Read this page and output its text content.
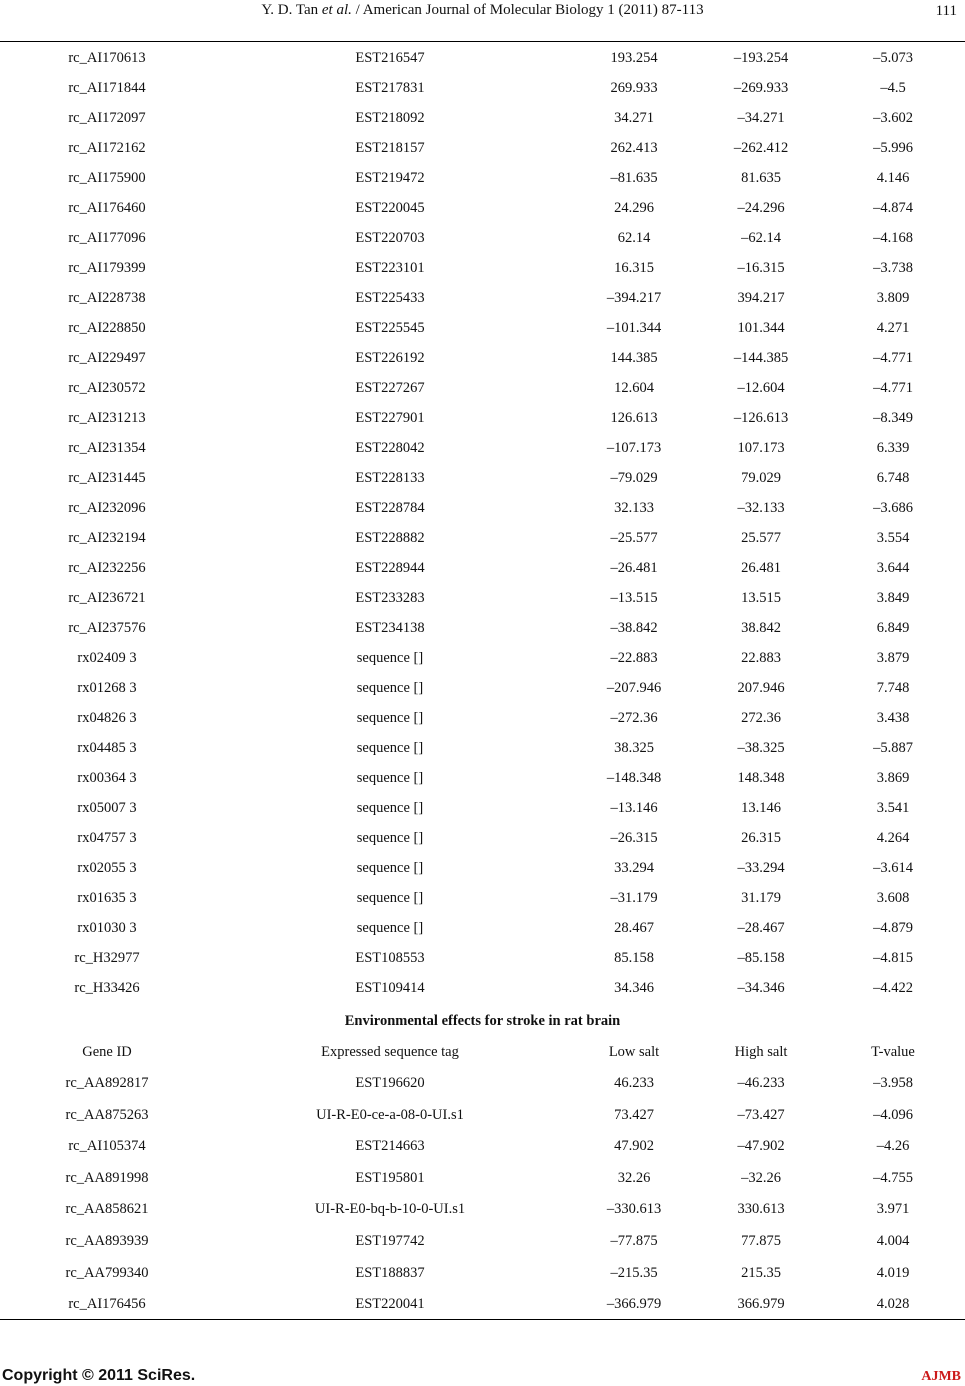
Y. D. Tan et al. / American Journal of Molecular Biology 1 (2011) 87-113	111
rc_AI170613	EST216547	193.254	–193.254	–5.073
rc_AI171844	EST217831	269.933	–269.933	–4.5
rc_AI172097	EST218092	34.271	–34.271	–3.602
rc_AI172162	EST218157	262.413	–262.412	–5.996
rc_AI175900	EST219472	–81.635	81.635	4.146
rc_AI176460	EST220045	24.296	–24.296	–4.874
rc_AI177096	EST220703	62.14	–62.14	–4.168
rc_AI179399	EST223101	16.315	–16.315	–3.738
rc_AI228738	EST225433	–394.217	394.217	3.809
rc_AI228850	EST225545	–101.344	101.344	4.271
rc_AI229497	EST226192	144.385	–144.385	–4.771
rc_AI230572	EST227267	12.604	–12.604	–4.771
rc_AI231213	EST227901	126.613	–126.613	–8.349
rc_AI231354	EST228042	–107.173	107.173	6.339
rc_AI231445	EST228133	–79.029	79.029	6.748
rc_AI232096	EST228784	32.133	–32.133	–3.686
rc_AI232194	EST228882	–25.577	25.577	3.554
rc_AI232256	EST228944	–26.481	26.481	3.644
rc_AI236721	EST233283	–13.515	13.515	3.849
rc_AI237576	EST234138	–38.842	38.842	6.849
rx02409 3	sequence []	–22.883	22.883	3.879
rx01268 3	sequence []	–207.946	207.946	7.748
rx04826 3	sequence []	–272.36	272.36	3.438
rx04485 3	sequence []	38.325	–38.325	–5.887
rx00364 3	sequence []	–148.348	148.348	3.869
rx05007 3	sequence []	–13.146	13.146	3.541
rx04757 3	sequence []	–26.315	26.315	4.264
rx02055 3	sequence []	33.294	–33.294	–3.614
rx01635 3	sequence []	–31.179	31.179	3.608
rx01030 3	sequence []	28.467	–28.467	–4.879
rc_H32977	EST108553	85.158	–85.158	–4.815
rc_H33426	EST109414	34.346	–34.346	–4.422
Environmental effects for stroke in rat brain
Gene ID	Expressed sequence tag	Low salt	High salt	T-value
rc_AA892817	EST196620	46.233	–46.233	–3.958
rc_AA875263	UI-R-E0-ce-a-08-0-UI.s1	73.427	–73.427	–4.096
rc_AI105374	EST214663	47.902	–47.902	–4.26
rc_AA891998	EST195801	32.26	–32.26	–4.755
rc_AA858621	UI-R-E0-bq-b-10-0-UI.s1	–330.613	330.613	3.971
rc_AA893939	EST197742	–77.875	77.875	4.004
rc_AA799340	EST188837	–215.35	215.35	4.019
rc_AI176456	EST220041	–366.979	366.979	4.028
Copyright © 2011 SciRes.	AJMB
